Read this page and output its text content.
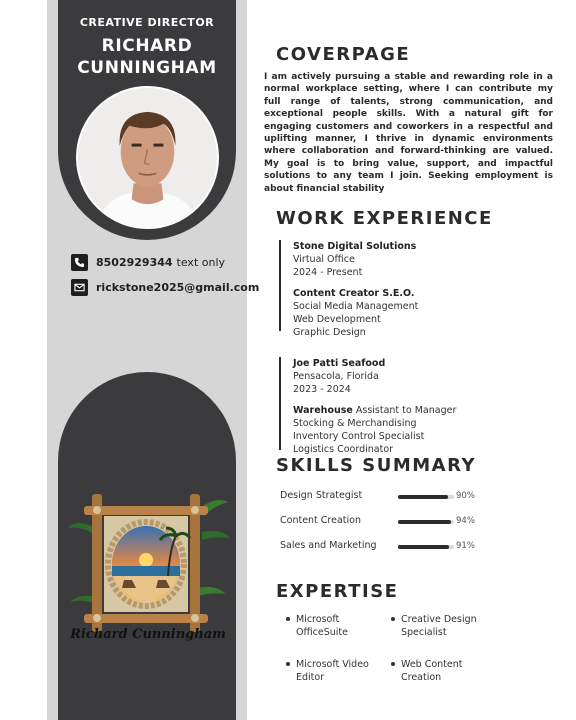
CREATIVE DIRECTOR
RICHARD
CUNNINGHAM
8502929344 text only
rickstone2025@gmail.com
Richard Cunningham
COVERPAGE
I am actively pursuing a stable and rewarding role in a normal workplace setting, where I can contribute my full range of talents, strong communication, and exceptional people skills. With a natural gift for engaging customers and coworkers in a respectful and uplifting manner, I thrive in dynamic environments where collaboration and forward-thinking are valued. My goal is to bring value, support, and impactful solutions to any team I join. Seeking employment is about financial stability
WORK EXPERIENCE
Stone Digital Solutions
Virtual Office
2024 - Present
Content Creator S.E.O.
Social Media Management
Web Development
Graphic Design
Joe Patti Seafood
Pensacola, Florida
2023 - 2024
Warehouse Assistant to Manager
Stocking & Merchandising
Inventory Control Specialist
Logistics Coordinator
SKILLS SUMMARY
Design Strategist	90%
Content Creation	94%
Sales and Marketing	91%
EXPERTISE
Microsoft OfficeSuite
Creative Design Specialist
Microsoft Video Editor
Web Content Creation
